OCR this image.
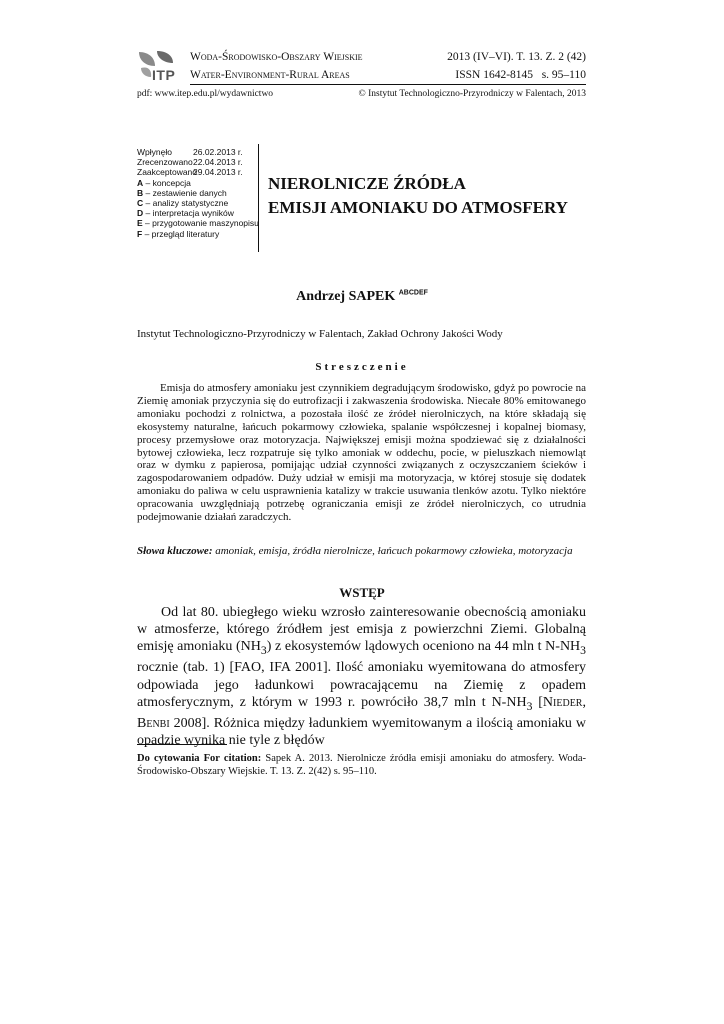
ITP
Woda-Środowisko-Obszary Wiejskie
Water-Environment-Rural Areas
2013 (IV–VI). T. 13. Z. 2 (42)
ISSN 1642-8145 s. 95–110
pdf: www.itep.edu.pl/wydawnictwo	© Instytut Technologiczno-Przyrodniczy w Falentach, 2013
Wpłynęło	26.02.2013 r.
Zrecenzowano 22.04.2013 r.
Zaakceptowano
29.04.2013 r.
A – koncepcja
B – zestawienie danych
C – analizy statystyczne
D – interpretacja wyników
E – przygotowanie maszynopisu
F – przegląd literatury
NIEROLNICZE ŹRÓDŁA
EMISJI AMONIAKU DO ATMOSFERY
Andrzej SAPEK $^{ABCDEF}$
Instytut Technologiczno-Przyrodniczy w Falentach, Zakład Ochrony Jakości Wody
Streszczenie

Emisja do atmosfery amoniaku jest czynnikiem degradującym środowisko, gdyż po powrocie na Ziemię amoniak przyczynia się do eutrofizacji i zakwaszenia środowiska. Niecałe 80% emitowanego amoniaku pochodzi z rolnictwa, a pozostała ilość ze źródeł nierolniczych, na które składają się ekosystemy naturalne, łańcuch pokarmowy człowieka, spalanie współczesnej i kopalnej biomasy, procesy przemysłowe oraz motoryzacja. Największej emisji można spodziewać się z działalności bytowej człowieka, lecz rozpatruje się tylko amoniak w oddechu, pocie, w pieluszkach niemowląt oraz w dymku z papierosa, pomijając udział czynności związanych z oczyszczaniem ścieków i zagospodarowaniem odpadów. Duży udział w emisji ma motoryzacja, w której stosuje się dodatek amoniaku do paliwa w celu usprawnienia katalizy w trakcie usuwania tlenków azotu. Tylko niektóre opracowania uwzględniają potrzebę ograniczania emisji ze źródeł nierolniczych, co utrudnia podejmowanie działań zaradczych.

Słowa kluczowe: amoniak, emisja, źródła nierolnicze, łańcuch pokarmowy człowieka, motoryzacja
WSTĘP

Od lat 80. ubiegłego wieku wzrosło zainteresowanie obecnością amoniaku w atmosferze, którego źródłem jest emisja z powierzchni Ziemi. Globalną emisję amoniaku $(NH_3)$ z ekosystemów lądowych oceniono na 44 mln t $N-NH_3$ rocznie (tab. 1) [FAO, IFA 2001]. Ilość amoniaku wyemitowana do atmosfery odpowiada jego ładunkowi powracającemu na Ziemię z opadem atmosferycznym, z którym w 1993 r. powróciło 38,7 mln t $N-NH_3$ [Nieder, Benbi 2008]. Różnica między ładunkiem wyemitowanym a ilością amoniaku w opadzie wynika nie tyle z błędów

Do cytowania For citation: Sapek A. 2013. Nierolnicze źródła emisji amoniaku do atmosfery. Woda-Środowisko-Obszary Wiejskie. T. 13. Z. 2(42) s. 95–110.
